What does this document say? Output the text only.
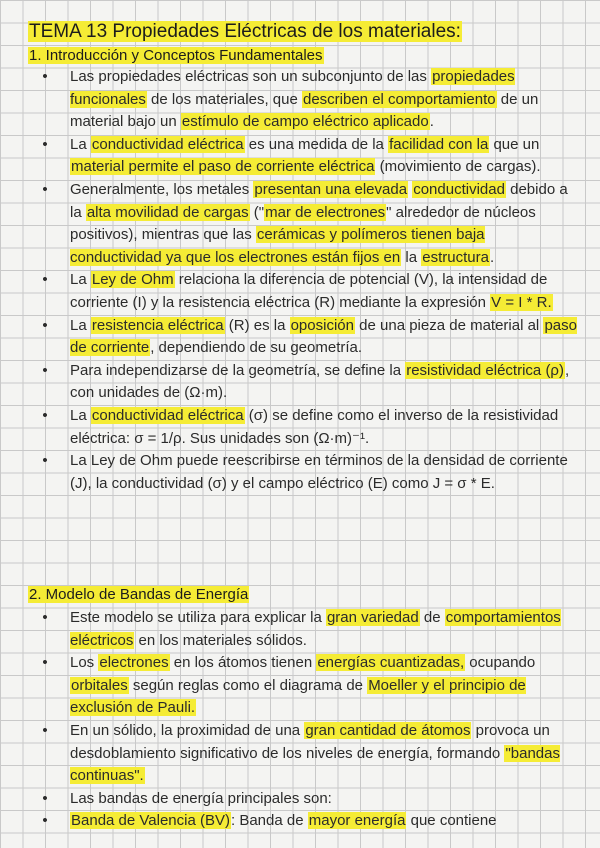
TEMA 13 Propiedades Eléctricas de los materiales:
1. Introducción y Conceptos Fundamentales
• Las propiedades eléctricas son un subconjunto de las propiedades funcionales de los materiales, que describen el comportamiento de un material bajo un estímulo de campo eléctrico aplicado.
• La conductividad eléctrica es una medida de la facilidad con la que un material permite el paso de corriente eléctrica (movimiento de cargas).
• Generalmente, los metales presentan una elevada conductividad debido a la alta movilidad de cargas ("mar de electrones" alrededor de núcleos positivos), mientras que las cerámicas y polímeros tienen baja conductividad ya que los electrones están fijos en la estructura.
• La Ley de Ohm relaciona la diferencia de potencial (V), la intensidad de corriente (I) y la resistencia eléctrica (R) mediante la expresión V = I * R.
• La resistencia eléctrica (R) es la oposición de una pieza de material al paso de corriente, dependiendo de su geometría.
• Para independizarse de la geometría, se define la resistividad eléctrica (ρ), con unidades de (Ω·m).
• La conductividad eléctrica (σ) se define como el inverso de la resistividad eléctrica: σ = 1/ρ. Sus unidades son (Ω·m)⁻¹.
• La Ley de Ohm puede reescribirse en términos de la densidad de corriente (J), la conductividad (σ) y el campo eléctrico (E) como J = σ * E.
2. Modelo de Bandas de Energía
• Este modelo se utiliza para explicar la gran variedad de comportamientos eléctricos en los materiales sólidos.
• Los electrones en los átomos tienen energías cuantizadas, ocupando orbitales según reglas como el diagrama de Moeller y el principio de exclusión de Pauli.
• En un sólido, la proximidad de una gran cantidad de átomos provoca un desdoblamiento significativo de los niveles de energía, formando "bandas continuas".
• Las bandas de energía principales son:
• Banda de Valencia (BV): Banda de mayor energía que contiene
